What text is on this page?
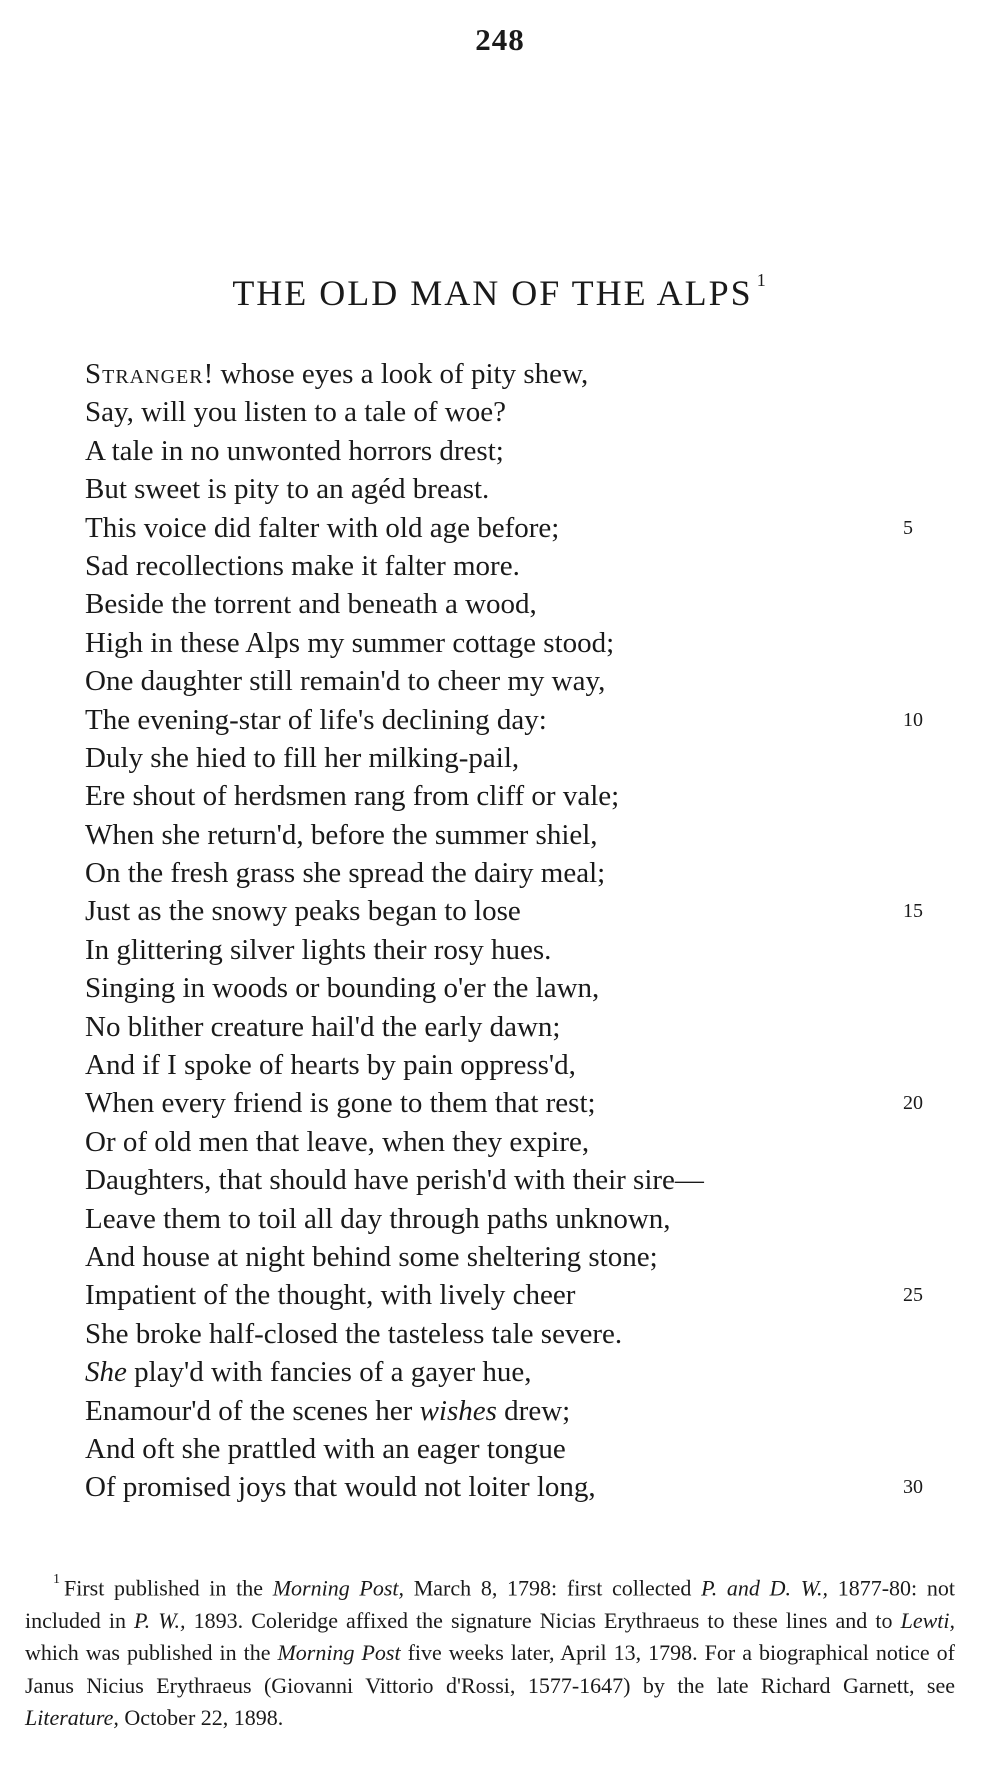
248
THE OLD MAN OF THE ALPS $^1$
Stranger! whose eyes a look of pity shew,
Say, will you listen to a tale of woe?
A tale in no unwonted horrors drest;
But sweet is pity to an agéd breast.
This voice did falter with old age before;	5
Sad recollections make it falter more.
Beside the torrent and beneath a wood,
High in these Alps my summer cottage stood;
One daughter still remain'd to cheer my way,
The evening-star of life's declining day:	10
Duly she hied to fill her milking-pail,
Ere shout of herdsmen rang from cliff or vale;
When she return'd, before the summer shiel,
On the fresh grass she spread the dairy meal;
Just as the snowy peaks began to lose	15
In glittering silver lights their rosy hues.
Singing in woods or bounding o'er the lawn,
No blither creature hail'd the early dawn;
And if I spoke of hearts by pain oppress'd,
When every friend is gone to them that rest;	20
Or of old men that leave, when they expire,
Daughters, that should have perish'd with their sire—
Leave them to toil all day through paths unknown,
And house at night behind some sheltering stone;
Impatient of the thought, with lively cheer	25
She broke half-closed the tasteless tale severe.
She play'd with fancies of a gayer hue,
Enamour'd of the scenes her wishes drew;
And oft she prattled with an eager tongue
Of promised joys that would not loiter long,	30

$^1$ First published in the Morning Post, March 8, 1798: first collected P. and D. W., 1877-80: not included in P. W., 1893. Coleridge affixed the signature Nicias Erythraeus to these lines and to Lewti, which was published in the Morning Post five weeks later, April 13, 1798. For a biographical notice of Janus Nicius Erythraeus (Giovanni Vittorio d'Rossi, 1577-1647) by the late Richard Garnett, see Literature, October 22, 1898.
